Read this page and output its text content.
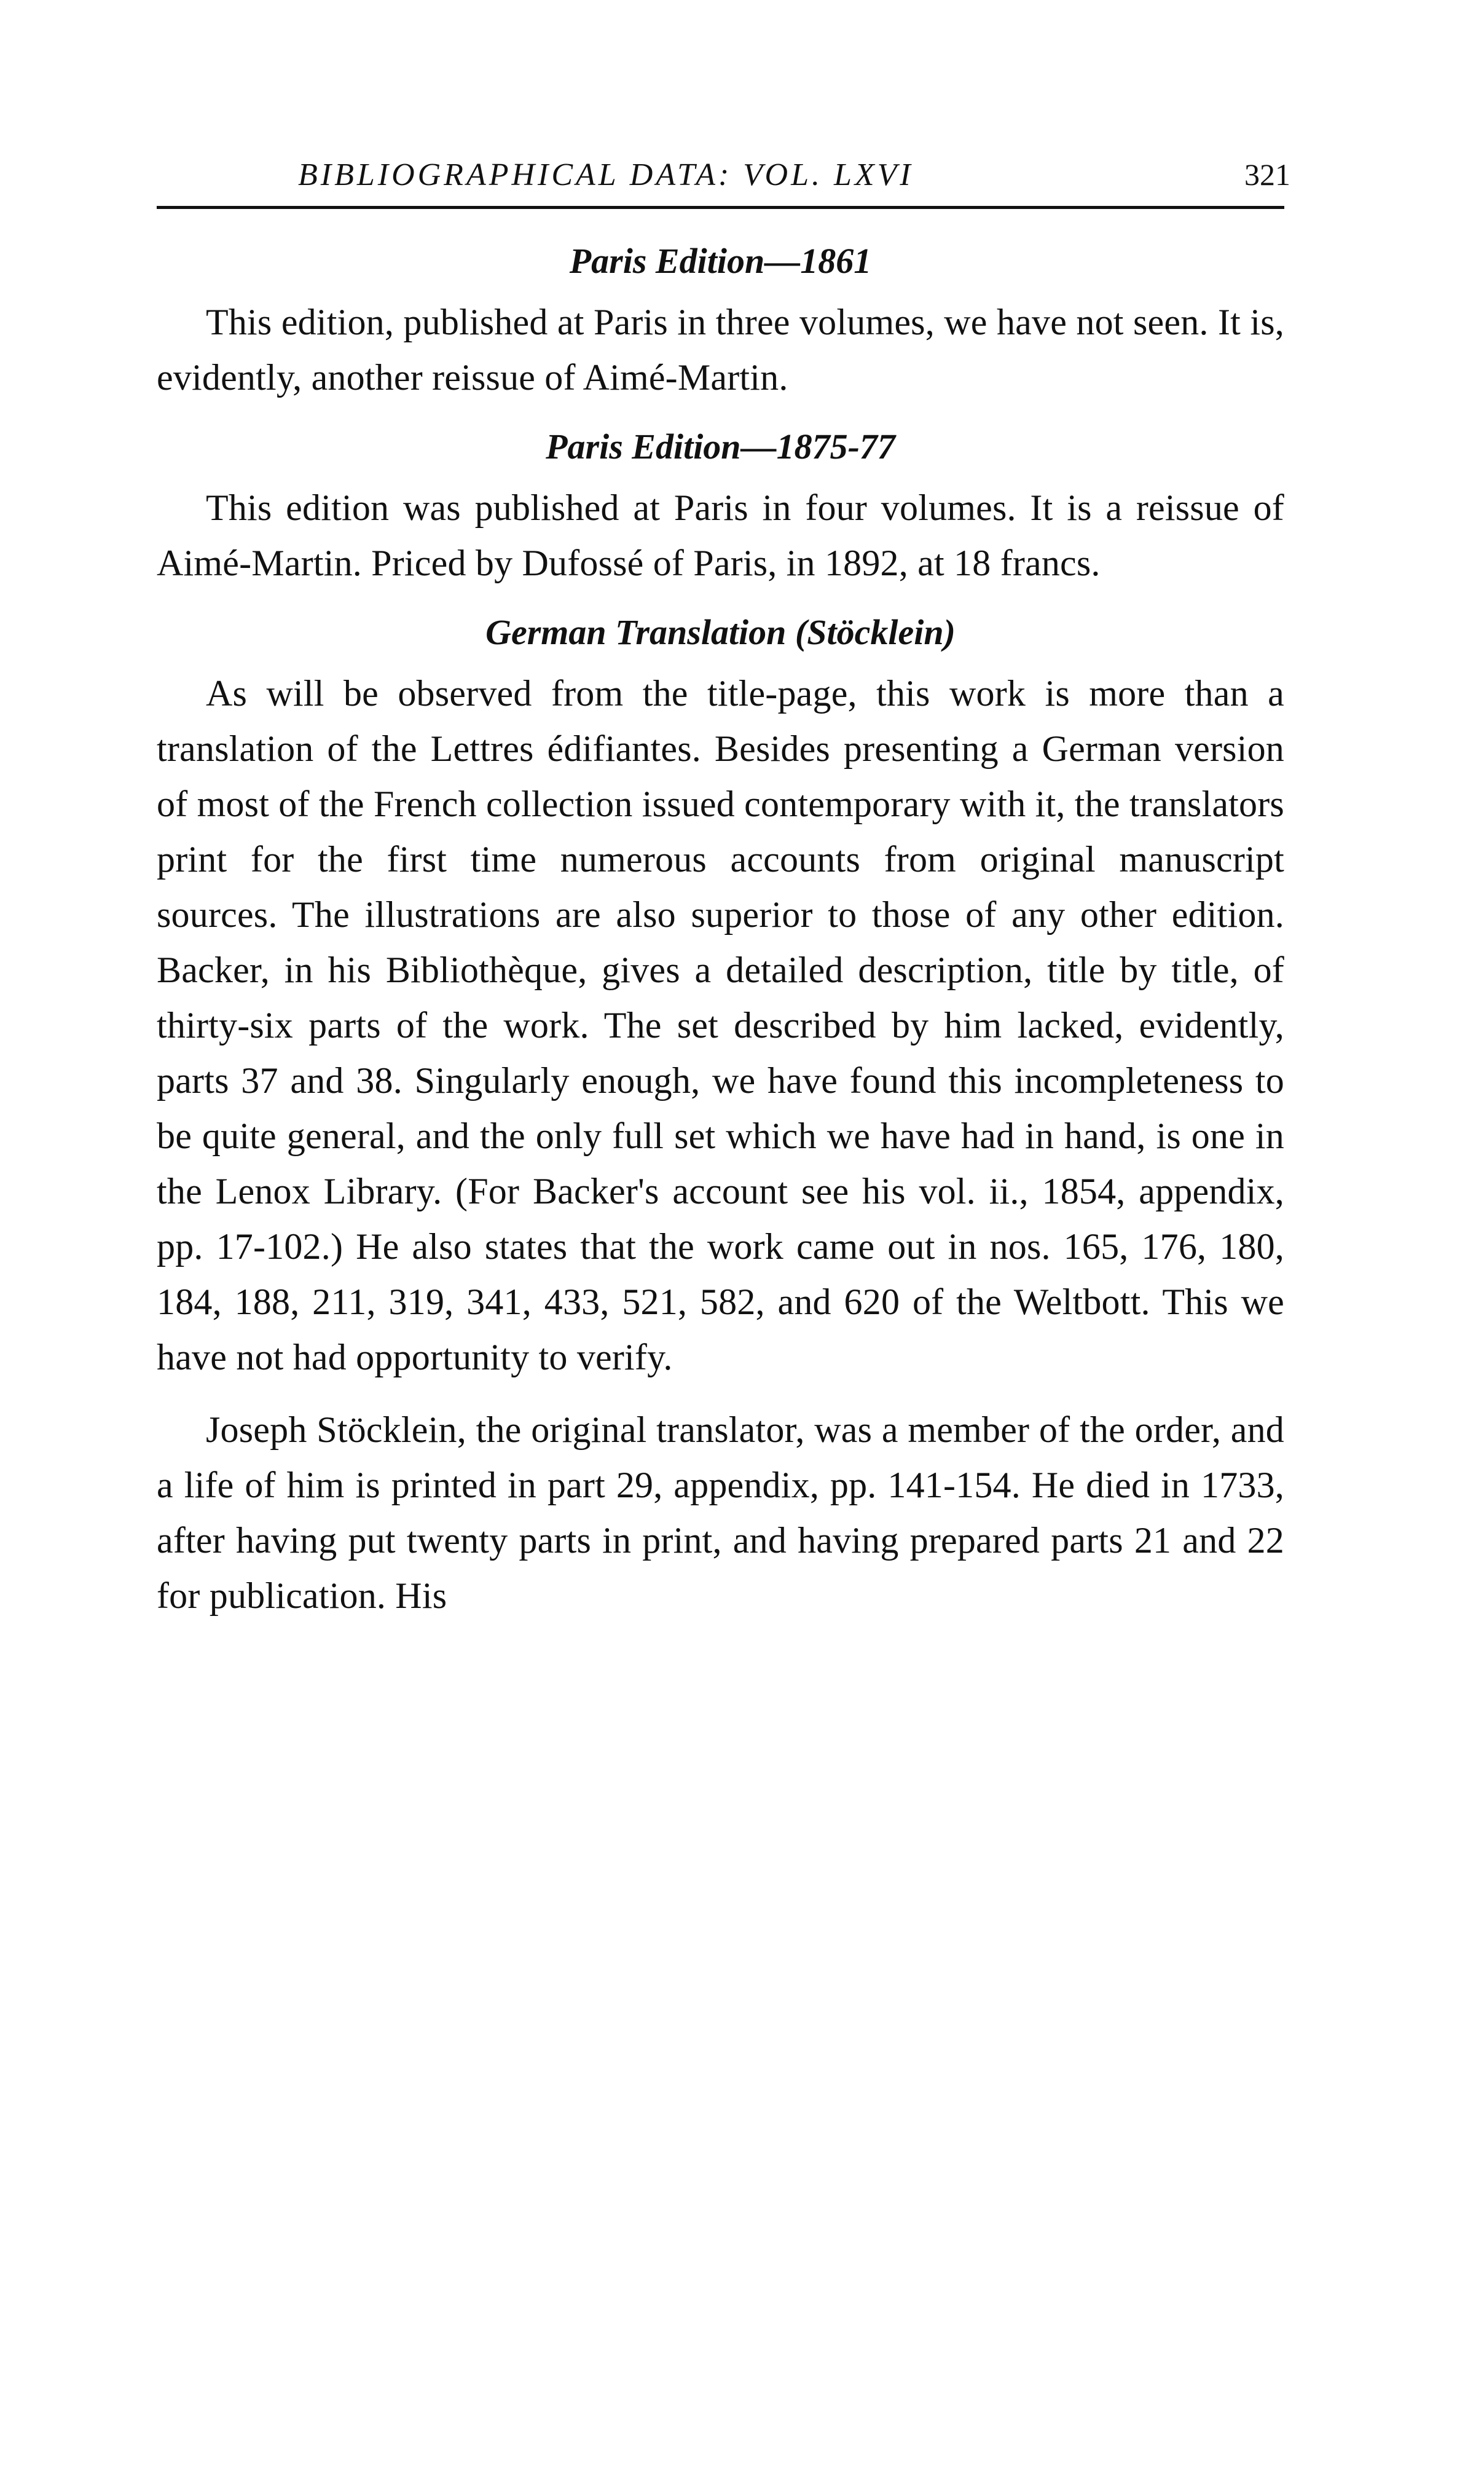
BIBLIOGRAPHICAL DATA: VOL. LXVI	321
Paris Edition—1861

This edition, published at Paris in three volumes, we have not seen. It is, evidently, another reissue of Aimé-Martin.

Paris Edition—1875-77

This edition was published at Paris in four volumes. It is a reissue of Aimé-Martin. Priced by Dufossé of Paris, in 1892, at 18 francs.

German Translation (Stöcklein)

As will be observed from the title-page, this work is more than a translation of the Lettres édifiantes. Besides presenting a German version of most of the French collection issued contemporary with it, the translators print for the first time numerous accounts from original manuscript sources. The illustrations are also superior to those of any other edition. Backer, in his Bibliothèque, gives a detailed description, title by title, of thirty-six parts of the work. The set described by him lacked, evidently, parts 37 and 38. Singularly enough, we have found this incompleteness to be quite general, and the only full set which we have had in hand, is one in the Lenox Library. (For Backer's account see his vol. ii., 1854, appendix, pp. 17-102.) He also states that the work came out in nos. 165, 176, 180, 184, 188, 211, 319, 341, 433, 521, 582, and 620 of the Weltbott. This we have not had opportunity to verify.

Joseph Stöcklein, the original translator, was a member of the order, and a life of him is printed in part 29, appendix, pp. 141-154. He died in 1733, after having put twenty parts in print, and having prepared parts 21 and 22 for publication. His
